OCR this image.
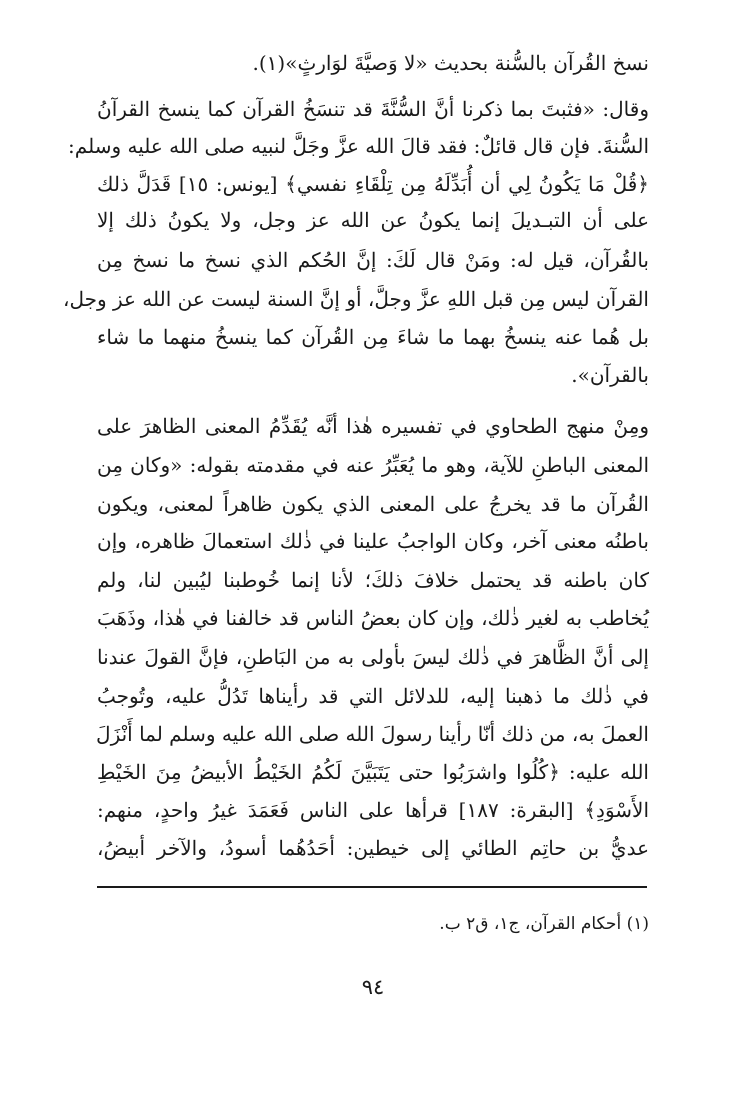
نسخ القُرآن بالسُّنة بحديث «لا وَصيَّةَ لوَارثٍ»(١).
وقال: «فثبتَ بما ذكرنا أنَّ السُّنَّةَ قد تنسَخُ القرآن كما ينسخ القرآنُ
السُّنةَ. فإن قال قائلٌ: فقد قالَ الله عزَّ وجَلَّ لنبيه صلى الله عليه وسلم:
﴿قُلْ مَا يَكُونُ لِي أن أُبَدِّلَهُ مِن تِلْقَاءِ نفسي﴾ [يونس: ١٥] قَدَلَّ ذلك
على أن التبـديلَ إنما يكونُ عن الله عز وجل، ولا يكونُ ذلك إلا
بالقُرآن، قيل له: ومَنْ قال لَكَ: إنَّ الحُكم الذي نسخ ما نسخ مِن
القرآن ليس مِن قبل اللهِ عزَّ وجلَّ، أو إنَّ السنة ليست عن الله عز وجل،
بل هُما عنه ينسخُ بهما ما شاءَ مِن القُرآن كما ينسخُ منهما ما شاء
بالقرآن».
ومِنْ منهج الطحاوي في تفسيره هٰذا أنَّه يُقَدِّمُ المعنى الظاهرَ على
المعنى الباطنِ للآية، وهو ما يُعَبِّرُ عنه في مقدمته بقوله: «وكان مِن
القُرآن ما قد يخرجُ على المعنى الذي يكون ظاهراً لمعنى، ويكون
باطنُه معنى آخر، وكان الواجبُ علينا في ذٰلك استعمالَ ظاهره، وإن
كان باطنه قد يحتمل خلافَ ذلكَ؛ لأنا إنما خُوطبنا ليُبين لنا، ولم
يُخاطب به لغير ذٰلك، وإن كان بعضُ الناس قد خالفنا في هٰذا، وذَهَبَ
إلى أنَّ الظَّاهرَ في ذٰلك ليسَ بأولى به من البَاطنِ، فإنَّ القولَ عندنا
في ذٰلك ما ذهبنا إليه، للدلائل التي قد رأيناها تَدُلُّ عليه، وتُوجبُ
العملَ به، من ذلك أنّا رأينا رسولَ الله صلى الله عليه وسلم لما أَنْزَلَ
الله عليه: ﴿كُلُوا واشرَبُوا حتى يَتَبَيَّنَ لَكُمُ الخَيْطُ الأبيضُ مِنَ الخَيْطِ
الأَسْوَدِ﴾ [البقرة: ١٨٧] قرأها على الناس فَعَمَدَ غيرُ واحدٍ، منهم:
عديُّ بن حاتِم الطائي إلى خيطين: أحَدُهُما أسودُ، والآخر أبيضُ،
(١) أحكام القرآن، ج١، ق٢ ب.
٩٤
